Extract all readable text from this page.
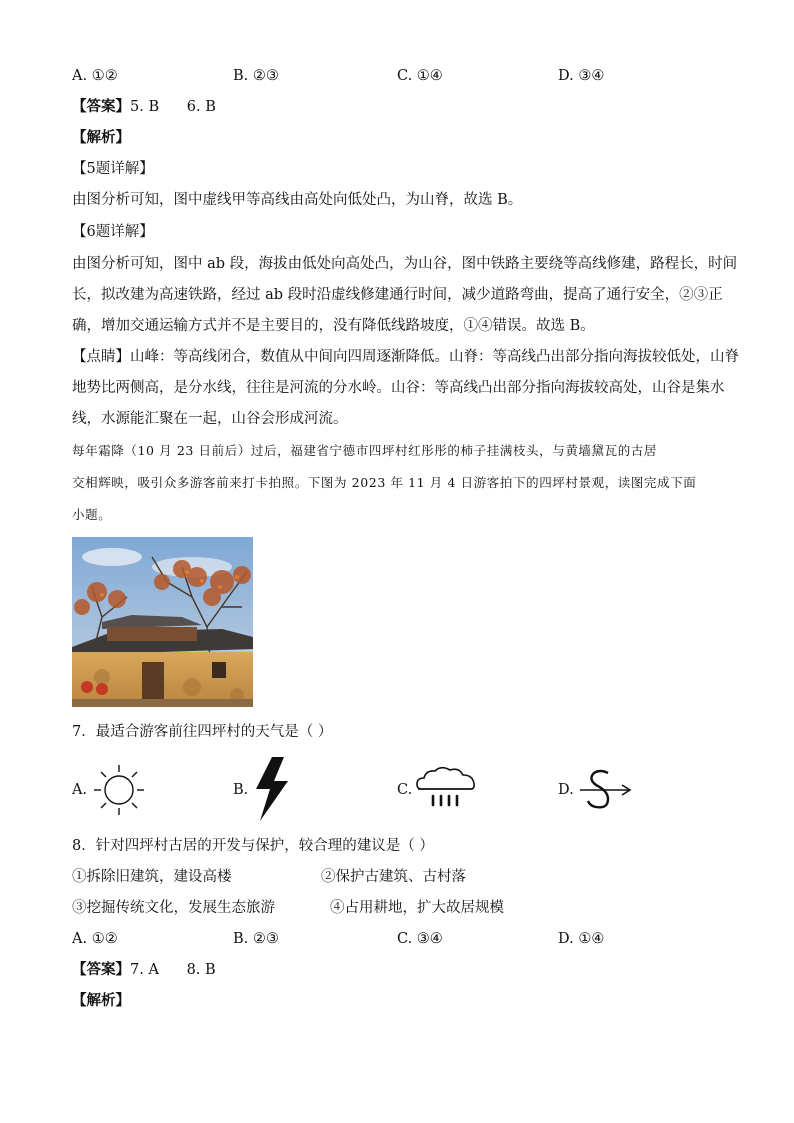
A. ①②	B. ②③	C. ①④	D. ③④
【答案】5. B      6. B
【解析】
【5题详解】
由图分析可知，图中虚线甲等高线由高处向低处凸，为山脊，故选 B。
【6题详解】
由图分析可知，图中 ab 段，海拔由低处向高处凸，为山谷，图中铁路主要绕等高线修建，路程长，时间
长，拟改建为高速铁路，经过 ab 段时沿虚线修建通行时间，减少道路弯曲，提高了通行安全，②③正
确，增加交通运输方式并不是主要目的，没有降低线路坡度，①④错误。故选 B。
【点睛】山峰：等高线闭合，数值从中间向四周逐渐降低。山脊：等高线凸出部分指向海拔较低处，山脊
地势比两侧高，是分水线，往往是河流的分水岭。山谷：等高线凸出部分指向海拔较高处，山谷是集水
线，水源能汇聚在一起，山谷会形成河流。
每年霜降（10 月 23 日前后）过后，福建省宁德市四坪村红彤彤的柿子挂满枝头，与黄墙黛瓦的古居
交相辉映，吸引众多游客前来打卡拍照。下图为 2023 年 11 月 4 日游客拍下的四坪村景观，读图完成下面
小题。
7．最适合游客前往四坪村的天气是（ ）
A.	B.	C.	D.
8．针对四坪村古居的开发与保护，较合理的建议是（ ）
①拆除旧建筑，建设高楼	②保护古建筑、古村落
③挖掘传统文化，发展生态旅游	④占用耕地，扩大故居规模
A. ①②	B. ②③	C. ③④	D. ①④
【答案】7. A      8. B
【解析】
